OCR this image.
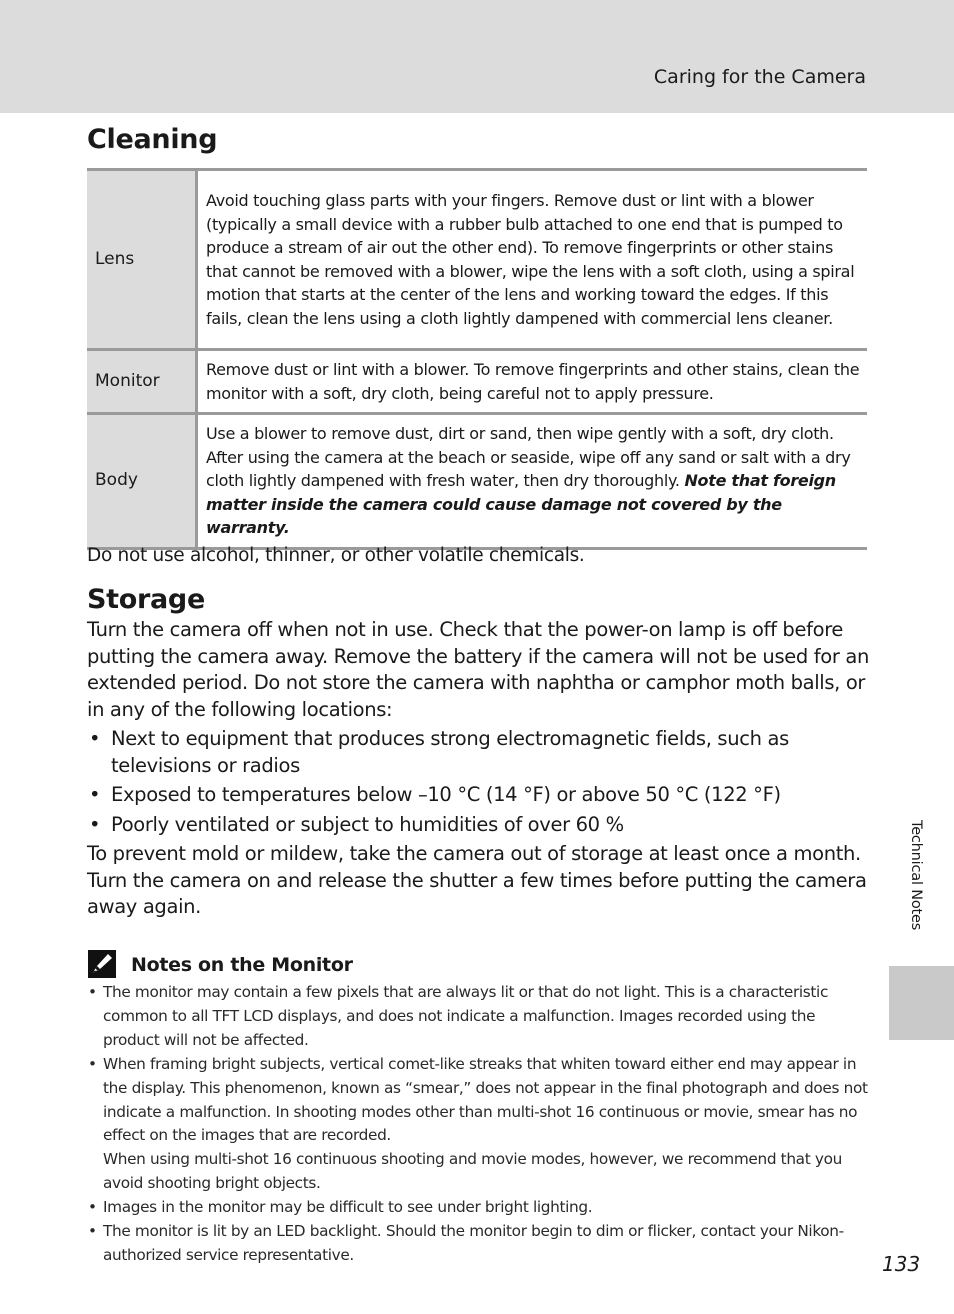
Caring for the Camera
Cleaning
Lens	Avoid touching glass parts with your fingers. Remove dust or lint with a blower (typically a small device with a rubber bulb attached to one end that is pumped to produce a stream of air out the other end). To remove fingerprints or other stains that cannot be removed with a blower, wipe the lens with a soft cloth, using a spiral motion that starts at the center of the lens and working toward the edges. If this fails, clean the lens using a cloth lightly dampened with commercial lens cleaner.
Monitor	Remove dust or lint with a blower. To remove fingerprints and other stains, clean the monitor with a soft, dry cloth, being careful not to apply pressure.
Body	Use a blower to remove dust, dirt or sand, then wipe gently with a soft, dry cloth. After using the camera at the beach or seaside, wipe off any sand or salt with a dry cloth lightly dampened with fresh water, then dry thoroughly. Note that foreign matter inside the camera could cause damage not covered by the warranty.
Do not use alcohol, thinner, or other volatile chemicals.
Storage

Turn the camera off when not in use. Check that the power-on lamp is off before putting the camera away. Remove the battery if the camera will not be used for an extended period. Do not store the camera with naphtha or camphor moth balls, or in any of the following locations:

• Next to equipment that produces strong electromagnetic fields, such as televisions or radios
• Exposed to temperatures below –10 °C (14 °F) or above 50 °C (122 °F)
• Poorly ventilated or subject to humidities of over 60 %

To prevent mold or mildew, take the camera out of storage at least once a month. Turn the camera on and release the shutter a few times before putting the camera away again.

Notes on the Monitor
• The monitor may contain a few pixels that are always lit or that do not light. This is a characteristic common to all TFT LCD displays, and does not indicate a malfunction. Images recorded using the product will not be affected.
• When framing bright subjects, vertical comet-like streaks that whiten toward either end may appear in the display. This phenomenon, known as “smear,” does not appear in the final photograph and does not indicate a malfunction. In shooting modes other than multi-shot 16 continuous or movie, smear has no effect on the images that are recorded.
When using multi-shot 16 continuous shooting and movie modes, however, we recommend that you avoid shooting bright objects.
• Images in the monitor may be difficult to see under bright lighting.
• The monitor is lit by an LED backlight. Should the monitor begin to dim or flicker, contact your Nikon-authorized service representative.
Technical Notes
133
